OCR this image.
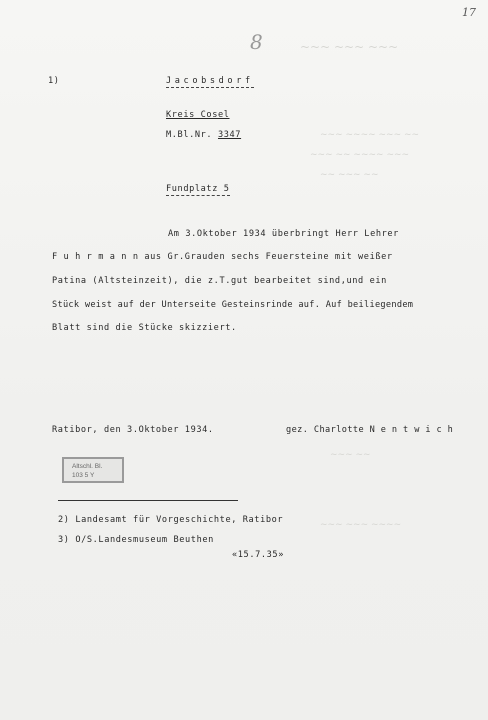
~~~ ~~~ ~~~
~~~ ~~~~ ~~~ ~~
~~~ ~~ ~~~~ ~~~
~~ ~~~ ~~
~~~ ~~
~~~ ~~~ ~~~~
17
8
1)	Jacobsdorf
Kreis Cosel
M.Bl.Nr. 3347
Fundplatz 5
Am 3.Oktober 1934 überbringt Herr Lehrer
F u h r m a n n aus Gr.Grauden sechs Feuersteine mit weißer
Patina (Altsteinzeit), die z.T.gut bearbeitet sind,und ein
Stück weist auf der Unterseite Gesteinsrinde auf. Auf beiliegendem
Blatt sind die Stücke skizziert.
Ratibor, den 3.Oktober 1934.	gez. Charlotte N e n t w i c h
Altschl. Bl.
103 5 Y
2) Landesamt für Vorgeschichte, Ratibor
3) O/S.Landesmuseum Beuthen
«15.7.35»
